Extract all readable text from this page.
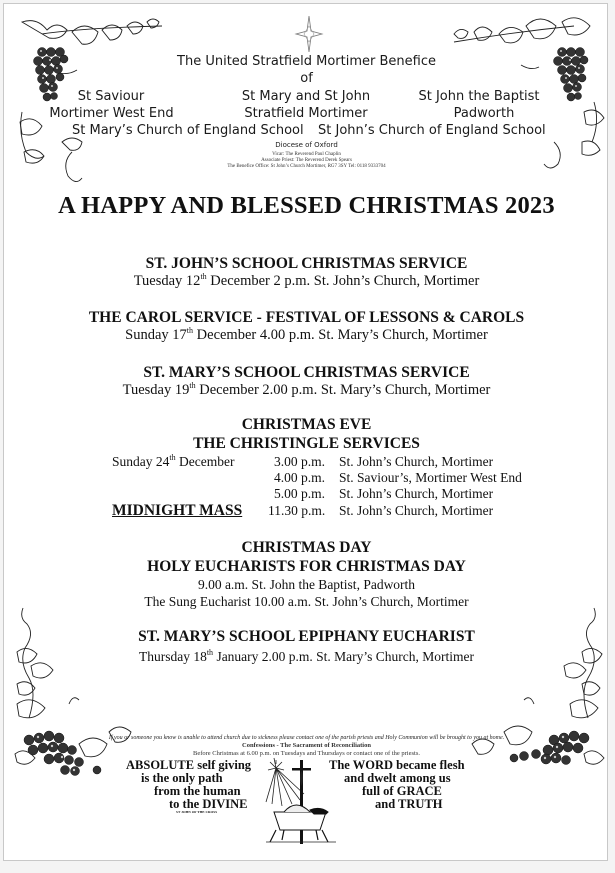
The United Stratfield Mortimer Benefice
of
St Saviour	St Mary and St John	St John the Baptist
Mortimer West End	Stratfield Mortimer	Padworth
St Mary’s Church of England School St John’s Church of England School
Diocese of Oxford
Vicar: The Reverend Paul Chaplin
Associate Priest: The Reverend Derek Spears
The Benefice Office: St John’s Church Mortimer, RG7 3SY Tel: 0118 9333704
A HAPPY AND BLESSED CHRISTMAS 2023
ST. JOHN’S SCHOOL CHRISTMAS SERVICE
Tuesday 12th December 2 p.m. St. John’s Church, Mortimer
THE CAROL SERVICE - FESTIVAL OF LESSONS & CAROLS
Sunday 17th December 4.00 p.m. St. Mary’s Church, Mortimer
ST. MARY’S SCHOOL CHRISTMAS SERVICE
Tuesday 19th December 2.00 p.m. St. Mary’s Church, Mortimer
CHRISTMAS EVE
THE CHRISTINGLE SERVICES
Sunday 24th December	3.00 p.m. St. John’s Church, Mortimer
4.00 p.m. St. Saviour’s, Mortimer West End
5.00 p.m. St. John’s Church, Mortimer
MIDNIGHT MASS 11.30 p.m. St. John’s Church, Mortimer
CHRISTMAS DAY
HOLY EUCHARISTS FOR CHRISTMAS DAY
9.00 a.m. St. John the Baptist, Padworth
The Sung Eucharist 10.00 a.m. St. John’s Church, Mortimer
ST. MARY’S SCHOOL EPIPHANY EUCHARIST
Thursday 18th January 2.00 p.m. St. Mary’s Church, Mortimer
If you or someone you know is unable to attend church due to sickness please contact one of the parish priests and Holy Communion will be brought to you at home.
Confessions - The Sacrament of Reconciliation
Before Christmas at 6.00 p.m. on Tuesdays and Thursdays or contact one of the priests.
ABSOLUTE self giving
is the only path
from the human
to the DIVINE
ST JOHN OF THE CROSS
The WORD became flesh
and dwelt among us
full of GRACE
and TRUTH
